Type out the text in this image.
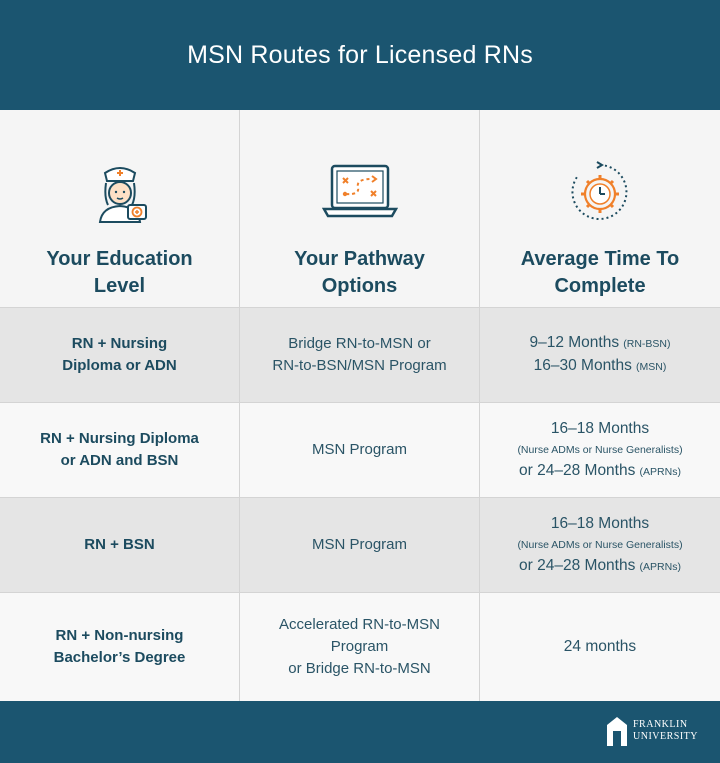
MSN Routes for Licensed RNs
Your Education
Level
Your Pathway
Options
Average Time To
Complete
RN + Nursing
Diploma or ADN
Bridge RN-to-MSN or
RN-to-BSN/MSN Program
9–12 Months (RN-BSN)
16–30 Months (MSN)
RN + Nursing Diploma
or ADN and BSN
MSN Program
16–18 Months
(Nurse ADMs or Nurse Generalists)
or 24–28 Months (APRNs)
RN + BSN	MSN Program
16–18 Months
(Nurse ADMs or Nurse Generalists)
or 24–28 Months (APRNs)
RN + Non-nursing
Bachelor’s Degree
Accelerated RN-to-MSN
Program
or Bridge RN-to-MSN
24 months
FRANKLIN
UNIVERSITY
